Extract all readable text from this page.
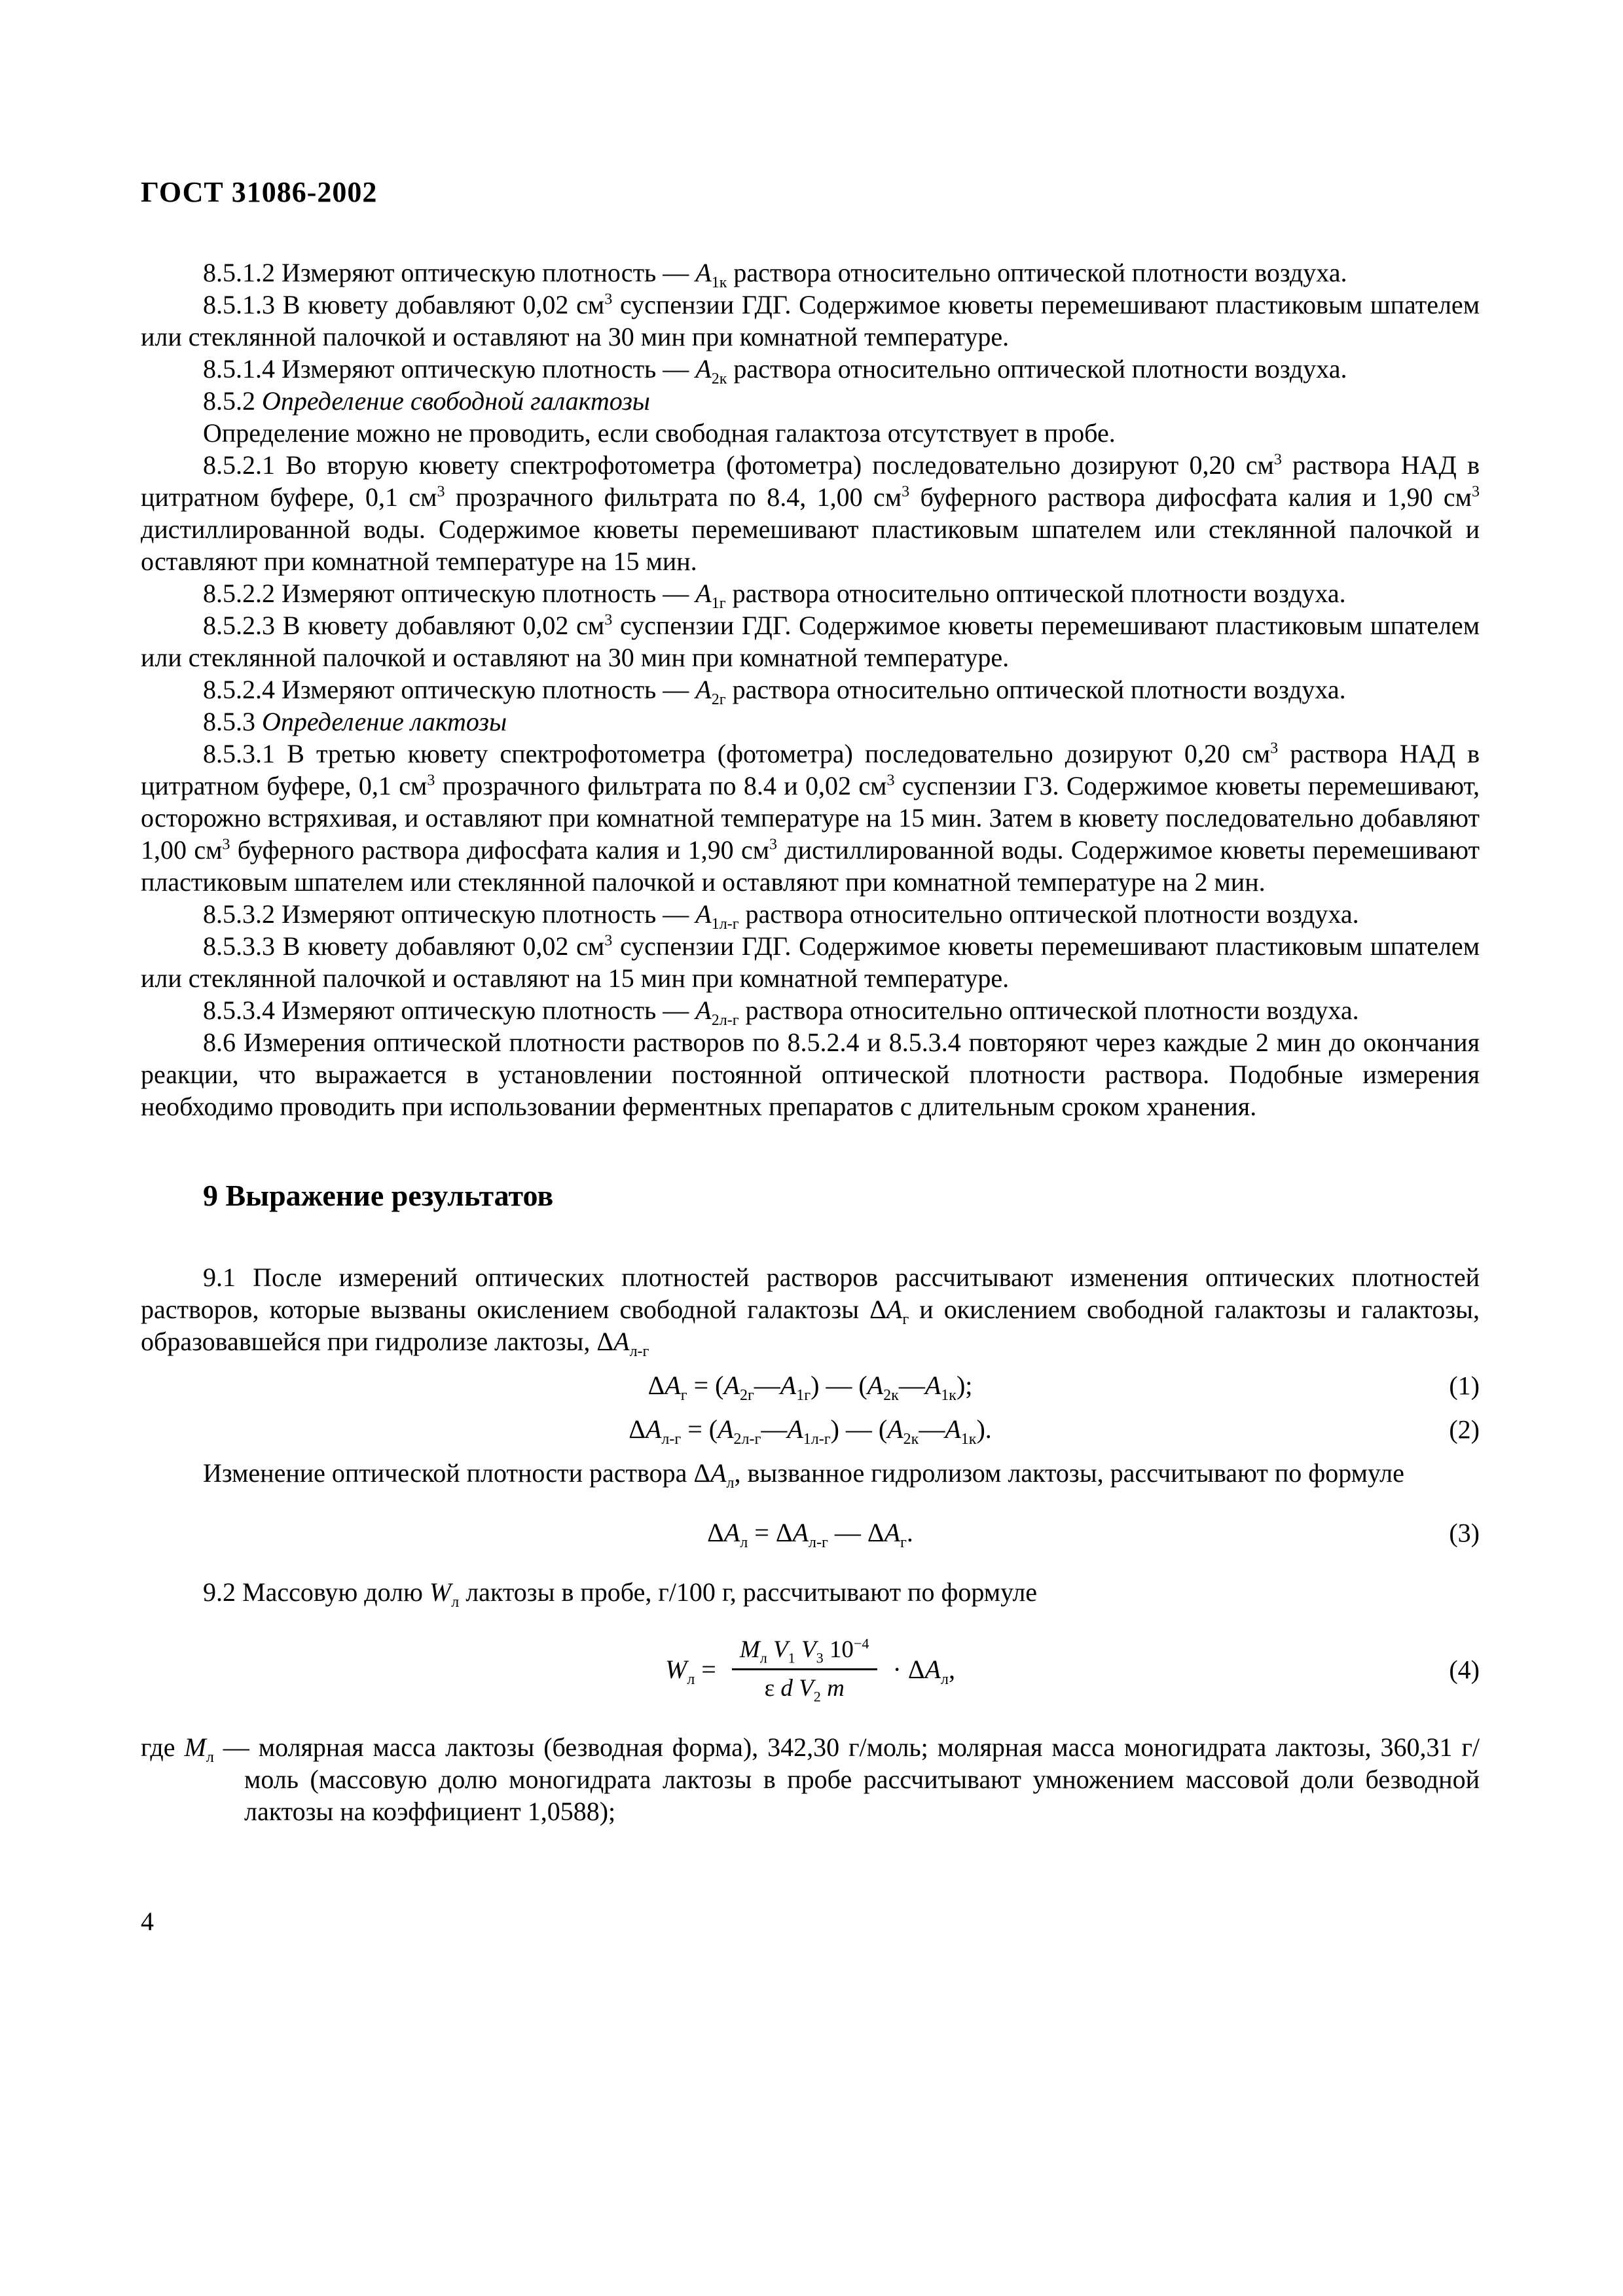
ГОСТ 31086-2002

8.5.1.2 Измеряют оптическую плотность — $A_{1к}$ раствора относительно оптической плотности воздуха.

8.5.1.3 В кювету добавляют 0,02 $см^3$ суспензии ГДГ. Содержимое кюветы перемешивают пластиковым шпателем или стеклянной палочкой и оставляют на 30 мин при комнатной температуре.

8.5.1.4 Измеряют оптическую плотность — $A_{2к}$ раствора относительно оптической плотности воздуха.

8.5.2 Определение свободной галактозы

Определение можно не проводить, если свободная галактоза отсутствует в пробе.

8.5.2.1 Во вторую кювету спектрофотометра (фотометра) последовательно дозируют 0,20 $см^3$ раствора НАД в цитратном буфере, 0,1 $см^3$ прозрачного фильтрата по 8.4, 1,00 $см^3$ буферного раствора дифосфата калия и 1,90 $см^3$ дистиллированной воды. Содержимое кюветы перемешивают пластиковым шпателем или стеклянной палочкой и оставляют при комнатной температуре на 15 мин.

8.5.2.2 Измеряют оптическую плотность — $A_{1г}$ раствора относительно оптической плотности воздуха.

8.5.2.3 В кювету добавляют 0,02 $см^3$ суспензии ГДГ. Содержимое кюветы перемешивают пластиковым шпателем или стеклянной палочкой и оставляют на 30 мин при комнатной температуре.

8.5.2.4 Измеряют оптическую плотность — $A_{2г}$ раствора относительно оптической плотности воздуха.

8.5.3 Определение лактозы

8.5.3.1 В третью кювету спектрофотометра (фотометра) последовательно дозируют 0,20 $см^3$ раствора НАД в цитратном буфере, 0,1 $см^3$ прозрачного фильтрата по 8.4 и 0,02 $см^3$ суспензии ГЗ. Содержимое кюветы перемешивают, осторожно встряхивая, и оставляют при комнатной температуре на 15 мин. Затем в кювету последовательно добавляют 1,00 $см^3$ буферного раствора дифосфата калия и 1,90 $см^3$ дистиллированной воды. Содержимое кюветы перемешивают пластиковым шпателем или стеклянной палочкой и оставляют при комнатной температуре на 2 мин.

8.5.3.2 Измеряют оптическую плотность — $A_{1л-г}$ раствора относительно оптической плотности воздуха.

8.5.3.3 В кювету добавляют 0,02 $см^3$ суспензии ГДГ. Содержимое кюветы перемешивают пластиковым шпателем или стеклянной палочкой и оставляют на 15 мин при комнатной температуре.

8.5.3.4 Измеряют оптическую плотность — $A_{2л-г}$ раствора относительно оптической плотности воздуха.

8.6 Измерения оптической плотности растворов по 8.5.2.4 и 8.5.3.4 повторяют через каждые 2 мин до окончания реакции, что выражается в установлении постоянной оптической плотности раствора. Подобные измерения необходимо проводить при использовании ферментных препаратов с длительным сроком хранения.

9 Выражение результатов

9.1 После измерений оптических плотностей растворов рассчитывают изменения оптических плотностей растворов, которые вызваны окислением свободной галактозы $\Delta A_г$ и окислением свободной галактозы и галактозы, образовавшейся при гидролизе лактозы, $\Delta A_{л-г}$

$\Delta A_г$ = $(A_{2г}—A_{1г})$ — $(A_{2к}—A_{1к})$;	(1)
$\Delta A_{л-г}$ = $(A_{2л-г}—A_{1л-г})$ — $(A_{2к}—A_{1к})$.	(2)

Изменение оптической плотности раствора $\Delta A_л$, вызванное гидролизом лактозы, рассчитывают по формуле

$\Delta A_л = \Delta A_{л-г}$ — $\Delta A_г$.	(3)

9.2 Массовую долю $W_л$ лактозы в пробе, г/100 г, рассчитывают по формуле

$W_л = \frac{M_л V_1 V_3 10^{-4}}{\varepsilon d V_2 m} \cdot \Delta A_л$,	(4)
где $M_л$ — молярная масса лактозы (безводная форма), 342,30 г/моль; молярная масса моногидрата лактозы, 360,31 г/моль (массовую долю моногидрата лактозы в пробе рассчитывают умножением массовой доли безводной лактозы на коэффициент 1,0588);
4
